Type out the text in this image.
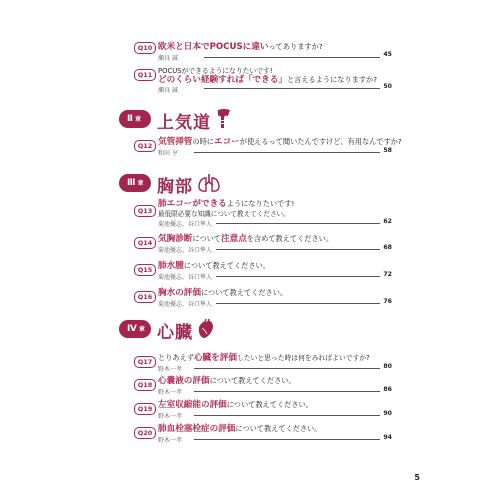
Q10 欧米と日本でPOCUSに違いってありますか?
瀬良 誠
45
Q11 POCUSができるようになりたいです!
どのくらい経験すれば「できる」と言えるようになりますか?
瀬良 誠
50
Ⅱ 章 上気道
Q12 気管挿管の時にエコーが使えるって聞いたんですけど、有用なんですか?
和田 亨	58
Ⅲ 章 胸部
Q13
肺エコーができるようになりたいです!
最低限必要な知識について教えてください。
菊池優志、谷口隼人	62
Q14 気胸診断について注意点を含めて教えてください。
菊池優志、谷口隼人	68
Q15 肺水腫について教えてください。
菊池優志、谷口隼人	72
Q16 胸水の評価について教えてください。
菊池優志、谷口隼人	76
Ⅳ 章 心臓
Q17 とりあえず心臓を評価したいと思った時は何をみればよいですか?
野木一孝	80
Q18 心嚢液の評価について教えてください。
野木一孝	86
Q19 左室収縮能の評価について教えてください。
野木一孝	90
Q20 肺血栓塞栓症の評価について教えてください。
野木一孝	94
5
